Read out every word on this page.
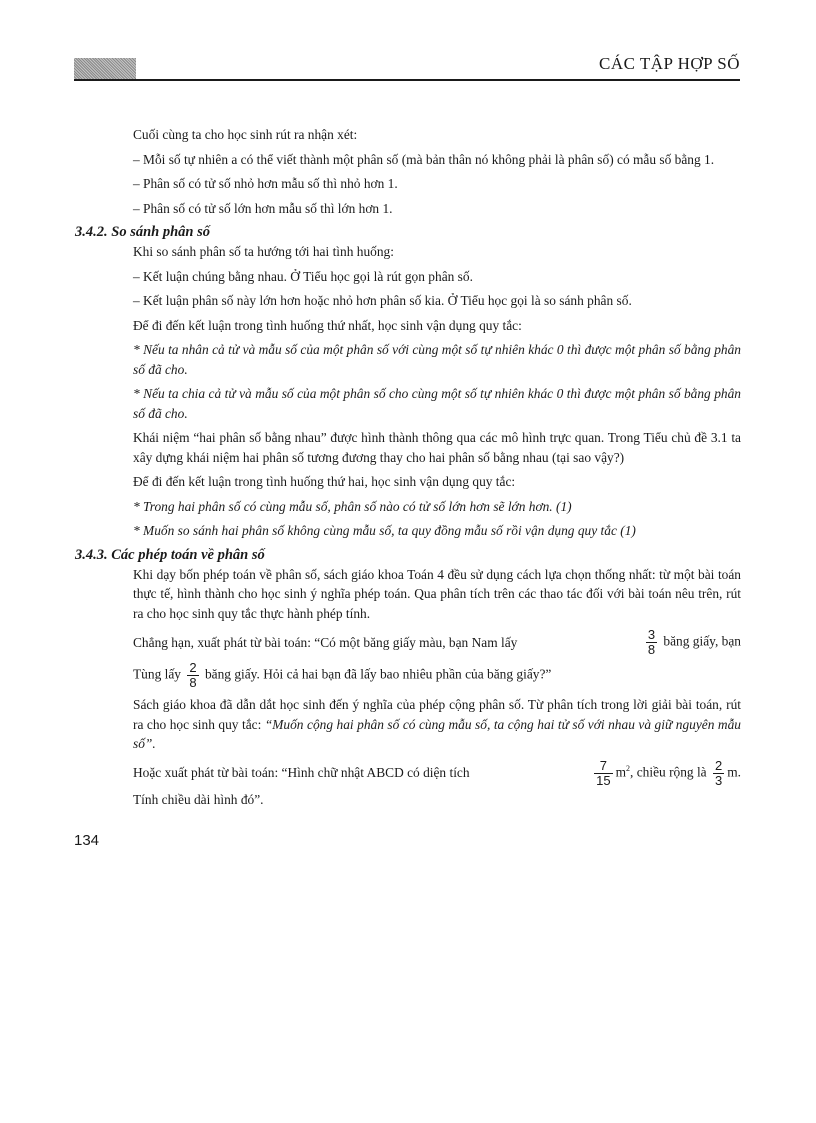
CÁC TẬP HỢP SỐ

Cuối cùng ta cho học sinh rút ra nhận xét:

– Mỗi số tự nhiên a có thể viết thành một phân số (mà bản thân nó không phải là phân số) có mẫu số bằng 1.

– Phân số có tử số nhỏ hơn mẫu số thì nhỏ hơn 1.

– Phân số có tử số lớn hơn mẫu số thì lớn hơn 1.

3.4.2. So sánh phân số

Khi so sánh phân số ta hướng tới hai tình huống:

– Kết luận chúng bằng nhau. Ở Tiểu học gọi là rút gọn phân số.

– Kết luận phân số này lớn hơn hoặc nhỏ hơn phân số kia. Ở Tiểu học gọi là so sánh phân số.

Để đi đến kết luận trong tình huống thứ nhất, học sinh vận dụng quy tắc:

* Nếu ta nhân cả tử và mẫu số của một phân số với cùng một số tự nhiên khác 0 thì được một phân số bằng phân số đã cho.

* Nếu ta chia cả tử và mẫu số của một phân số cho cùng một số tự nhiên khác 0 thì được một phân số bằng phân số đã cho.

Khái niệm “hai phân số bằng nhau” được hình thành thông qua các mô hình trực quan. Trong Tiểu chủ đề 3.1 ta xây dựng khái niệm hai phân số tương đương thay cho hai phân số bằng nhau (tại sao vậy?)

Để đi đến kết luận trong tình huống thứ hai, học sinh vận dụng quy tắc:

* Trong hai phân số có cùng mẫu số, phân số nào có tử số lớn hơn sẽ lớn hơn. (1)

* Muốn so sánh hai phân số không cùng mẫu số, ta quy đồng mẫu số rồi vận dụng quy tắc (1)

3.4.3. Các phép toán về phân số

Khi dạy bốn phép toán về phân số, sách giáo khoa Toán 4 đều sử dụng cách lựa chọn thống nhất: từ một bài toán thực tế, hình thành cho học sinh ý nghĩa phép toán. Qua phân tích trên các thao tác đối với bài toán nêu trên, rút ra cho học sinh quy tắc thực hành phép tính.

Chẳng hạn, xuất phát từ bài toán: “Có một băng giấy màu, bạn Nam lấy	$\frac{3}{8}$ băng giấy, bạn
Tùng lấy $\frac{2}{8}$ băng giấy. Hỏi cả hai bạn đã lấy bao nhiêu phần của băng giấy?”

Sách giáo khoa đã dẫn dắt học sinh đến ý nghĩa của phép cộng phân số. Từ phân tích trong lời giải bài toán, rút ra cho học sinh quy tắc: “Muốn cộng hai phân số có cùng mẫu số, ta cộng hai tử số với nhau và giữ nguyên mẫu số”.

Hoặc xuất phát từ bài toán: “Hình chữ nhật ABCD có diện tích	$\frac{7}{15} m^2$, chiều rộng là $\frac{2}{3} m$.
Tính chiều dài hình đó”.
134
